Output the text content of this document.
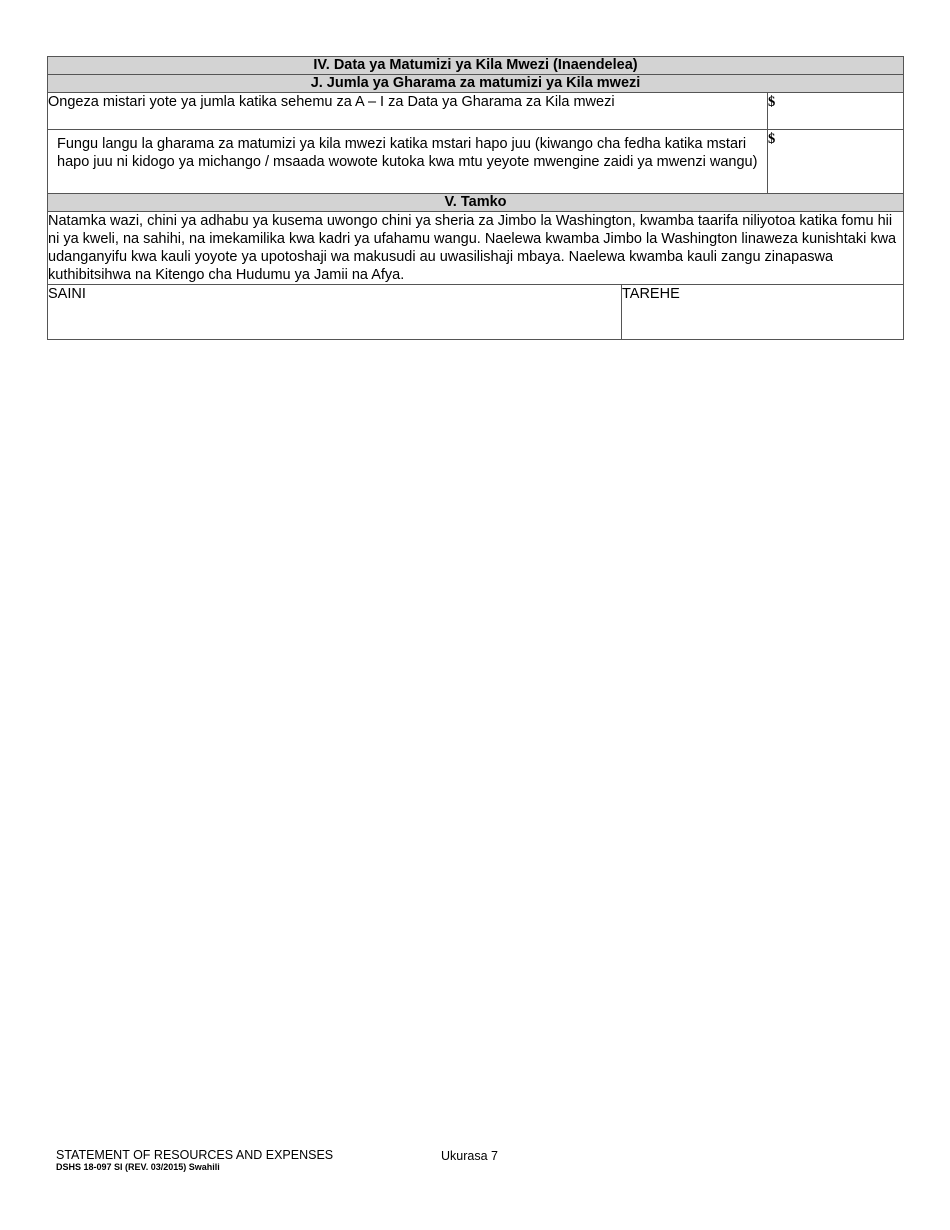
IV. Data ya Matumizi ya Kila Mwezi (Inaendelea)		
J. Jumla ya Gharama za matumizi ya Kila mwezi		
Ongeza mistari yote ya jumla katika sehemu za A – I za Data ya Gharama za Kila mwezi		$
Fungu langu la gharama za matumizi ya kila mwezi katika mstari hapo juu (kiwango cha fedha katika mstari hapo juu ni kidogo ya michango / msaada wowote kutoka kwa mtu yeyote mwengine zaidi ya mwenzi wangu)		$
V. Tamko		
Natamka wazi, chini ya adhabu ya kusema uwongo chini ya sheria za Jimbo la Washington, kwamba taarifa niliyotoa katika fomu hii ni ya kweli, na sahihi, na imekamilika kwa kadri ya ufahamu wangu. Naelewa kwamba Jimbo la Washington linaweza kunishtaki kwa udanganyifu kwa kauli yoyote ya upotoshaji wa makusudi au uwasilishaji mbaya. Naelewa kwamba kauli zangu zinapaswa kuthibitsihwa na Kitengo cha Hudumu ya Jamii na Afya.		
SAINI	TAREHE	
STATEMENT OF RESOURCES AND EXPENSES
DSHS 18-097 SI (REV. 03/2015) Swahili
Ukurasa 7
